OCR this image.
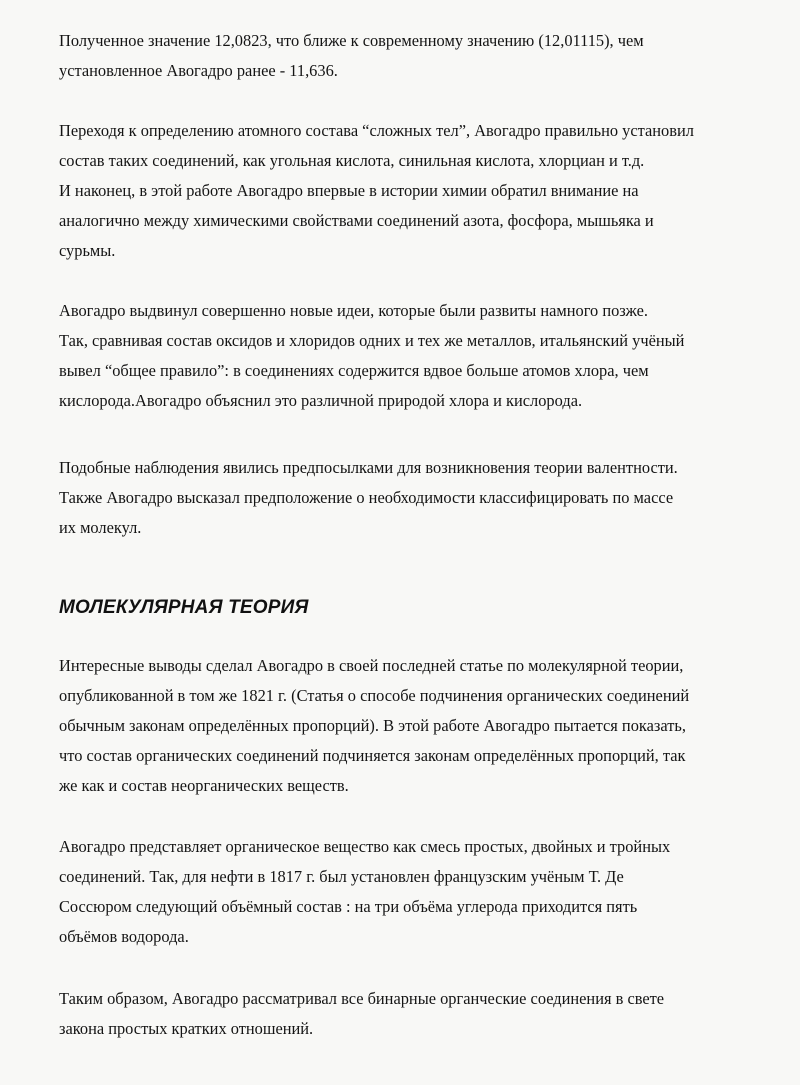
Полученное значение 12,0823, что ближе к современному значению (12,01115), чем
установленное Авогадро ранее - 11,636.
Переходя к определению атомного состава “сложных тел”, Авогадро правильно установил
состав таких соединений, как угольная кислота, синильная кислота, хлорциан и т.д.
И наконец, в этой работе Авогадро впервые в истории химии обратил внимание на
аналогично между химическими свойствами соединений азота, фосфора, мышьяка и
сурьмы.
Авогадро выдвинул совершенно новые идеи, которые были развиты намного позже.
Так, сравнивая состав оксидов и хлоридов одних и тех же металлов, итальянский учёный
вывел “общее правило”: в соединениях содержится вдвое больше атомов хлора, чем
кислорода.Авогадро объяснил это различной природой хлора и кислорода.
Подобные наблюдения явились предпосылками для возникновения теории валентности.
Также Авогадро высказал предположение о необходимости классифицировать по массе
их молекул.
МОЛЕКУЛЯРНАЯ ТЕОРИЯ
Интересные выводы сделал Авогадро в своей последней статье по молекулярной теории,
опубликованной в том же 1821 г. (Статья о способе подчинения органических соединений
обычным законам определённых пропорций). В этой работе Авогадро пытается показать,
что состав органических соединений подчиняется законам определённых пропорций, так
же как и состав неорганических веществ.
Авогадро представляет органическое вещество как смесь простых, двойных и тройных
соединений. Так, для нефти в 1817 г. был установлен французским учёным Т. Де
Соссюром следующий объёмный состав : на три объёма углерода приходится пять
объёмов водорода.
Таким образом, Авогадро рассматривал все бинарные органческие соединения в свете
закона простых кратких отношений.
